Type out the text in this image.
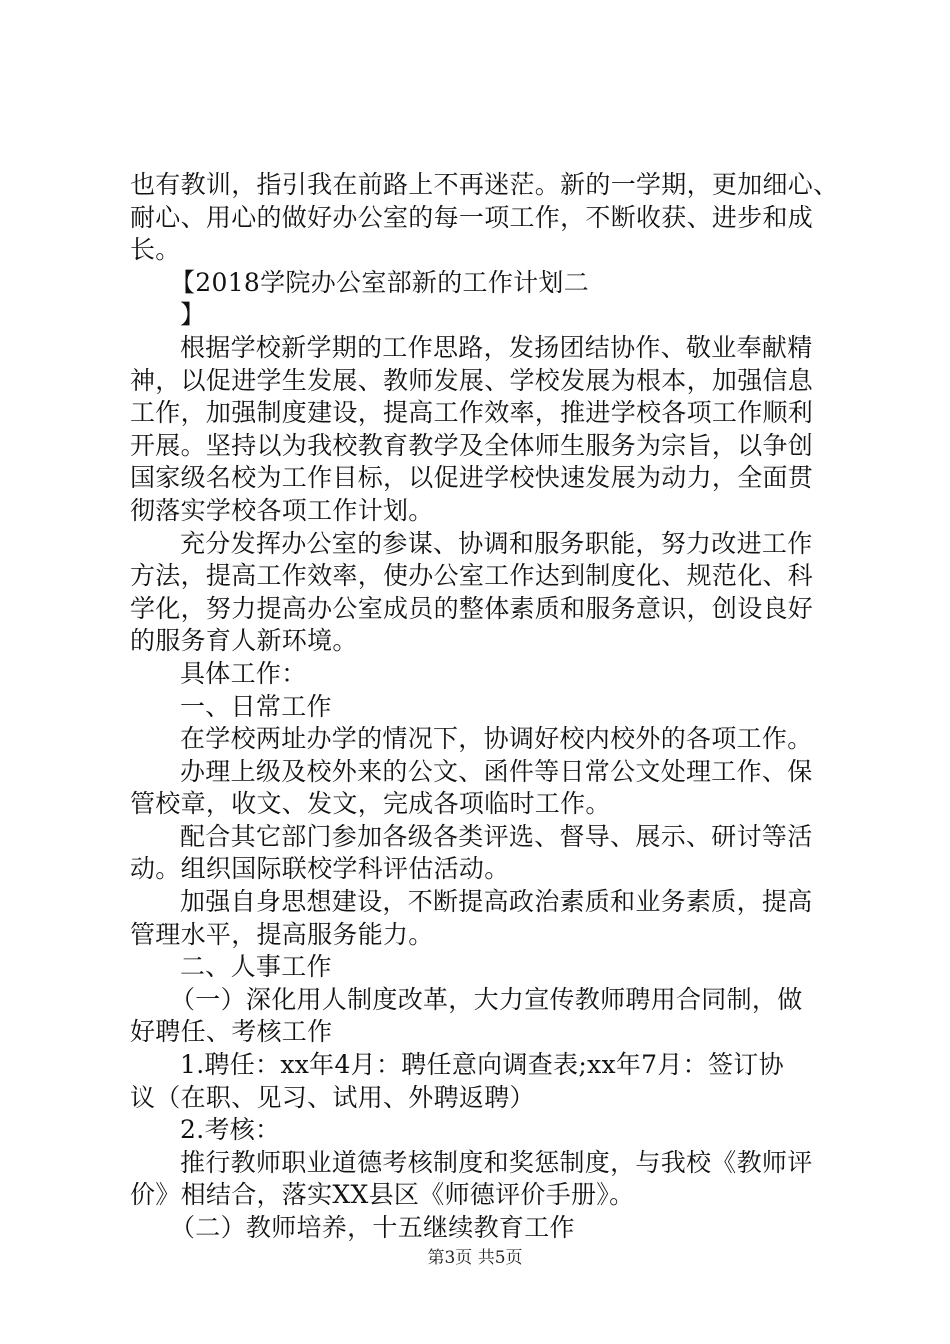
也有教训，指引我在前路上不再迷茫。新的一学期，更加细心、
耐心、用心的做好办公室的每一项工作，不断收获、进步和成
长。
【2018学院办公室部新的工作计划二
】
根据学校新学期的工作思路，发扬团结协作、敬业奉献精
神，以促进学生发展、教师发展、学校发展为根本，加强信息
工作，加强制度建设，提高工作效率，推进学校各项工作顺利
开展。坚持以为我校教育教学及全体师生服务为宗旨，以争创
国家级名校为工作目标，以促进学校快速发展为动力，全面贯
彻落实学校各项工作计划。
充分发挥办公室的参谋、协调和服务职能，努力改进工作
方法，提高工作效率，使办公室工作达到制度化、规范化、科
学化，努力提高办公室成员的整体素质和服务意识，创设良好
的服务育人新环境。
具体工作：
一、日常工作
在学校两址办学的情况下，协调好校内校外的各项工作。
办理上级及校外来的公文、函件等日常公文处理工作、保
管校章，收文、发文，完成各项临时工作。
配合其它部门参加各级各类评选、督导、展示、研讨等活
动。组织国际联校学科评估活动。
加强自身思想建设，不断提高政治素质和业务素质，提高
管理水平，提高服务能力。
二、人事工作
（一）深化用人制度改革，大力宣传教师聘用合同制，做
好聘任、考核工作
1.聘任：xx年4月：聘任意向调查表;xx年7月：签订协
议（在职、见习、试用、外聘返聘）
2.考核：
推行教师职业道德考核制度和奖惩制度，与我校《教师评
价》相结合，落实XX县区《师德评价手册》。
（二）教师培养，十五继续教育工作
第3页 共5页
